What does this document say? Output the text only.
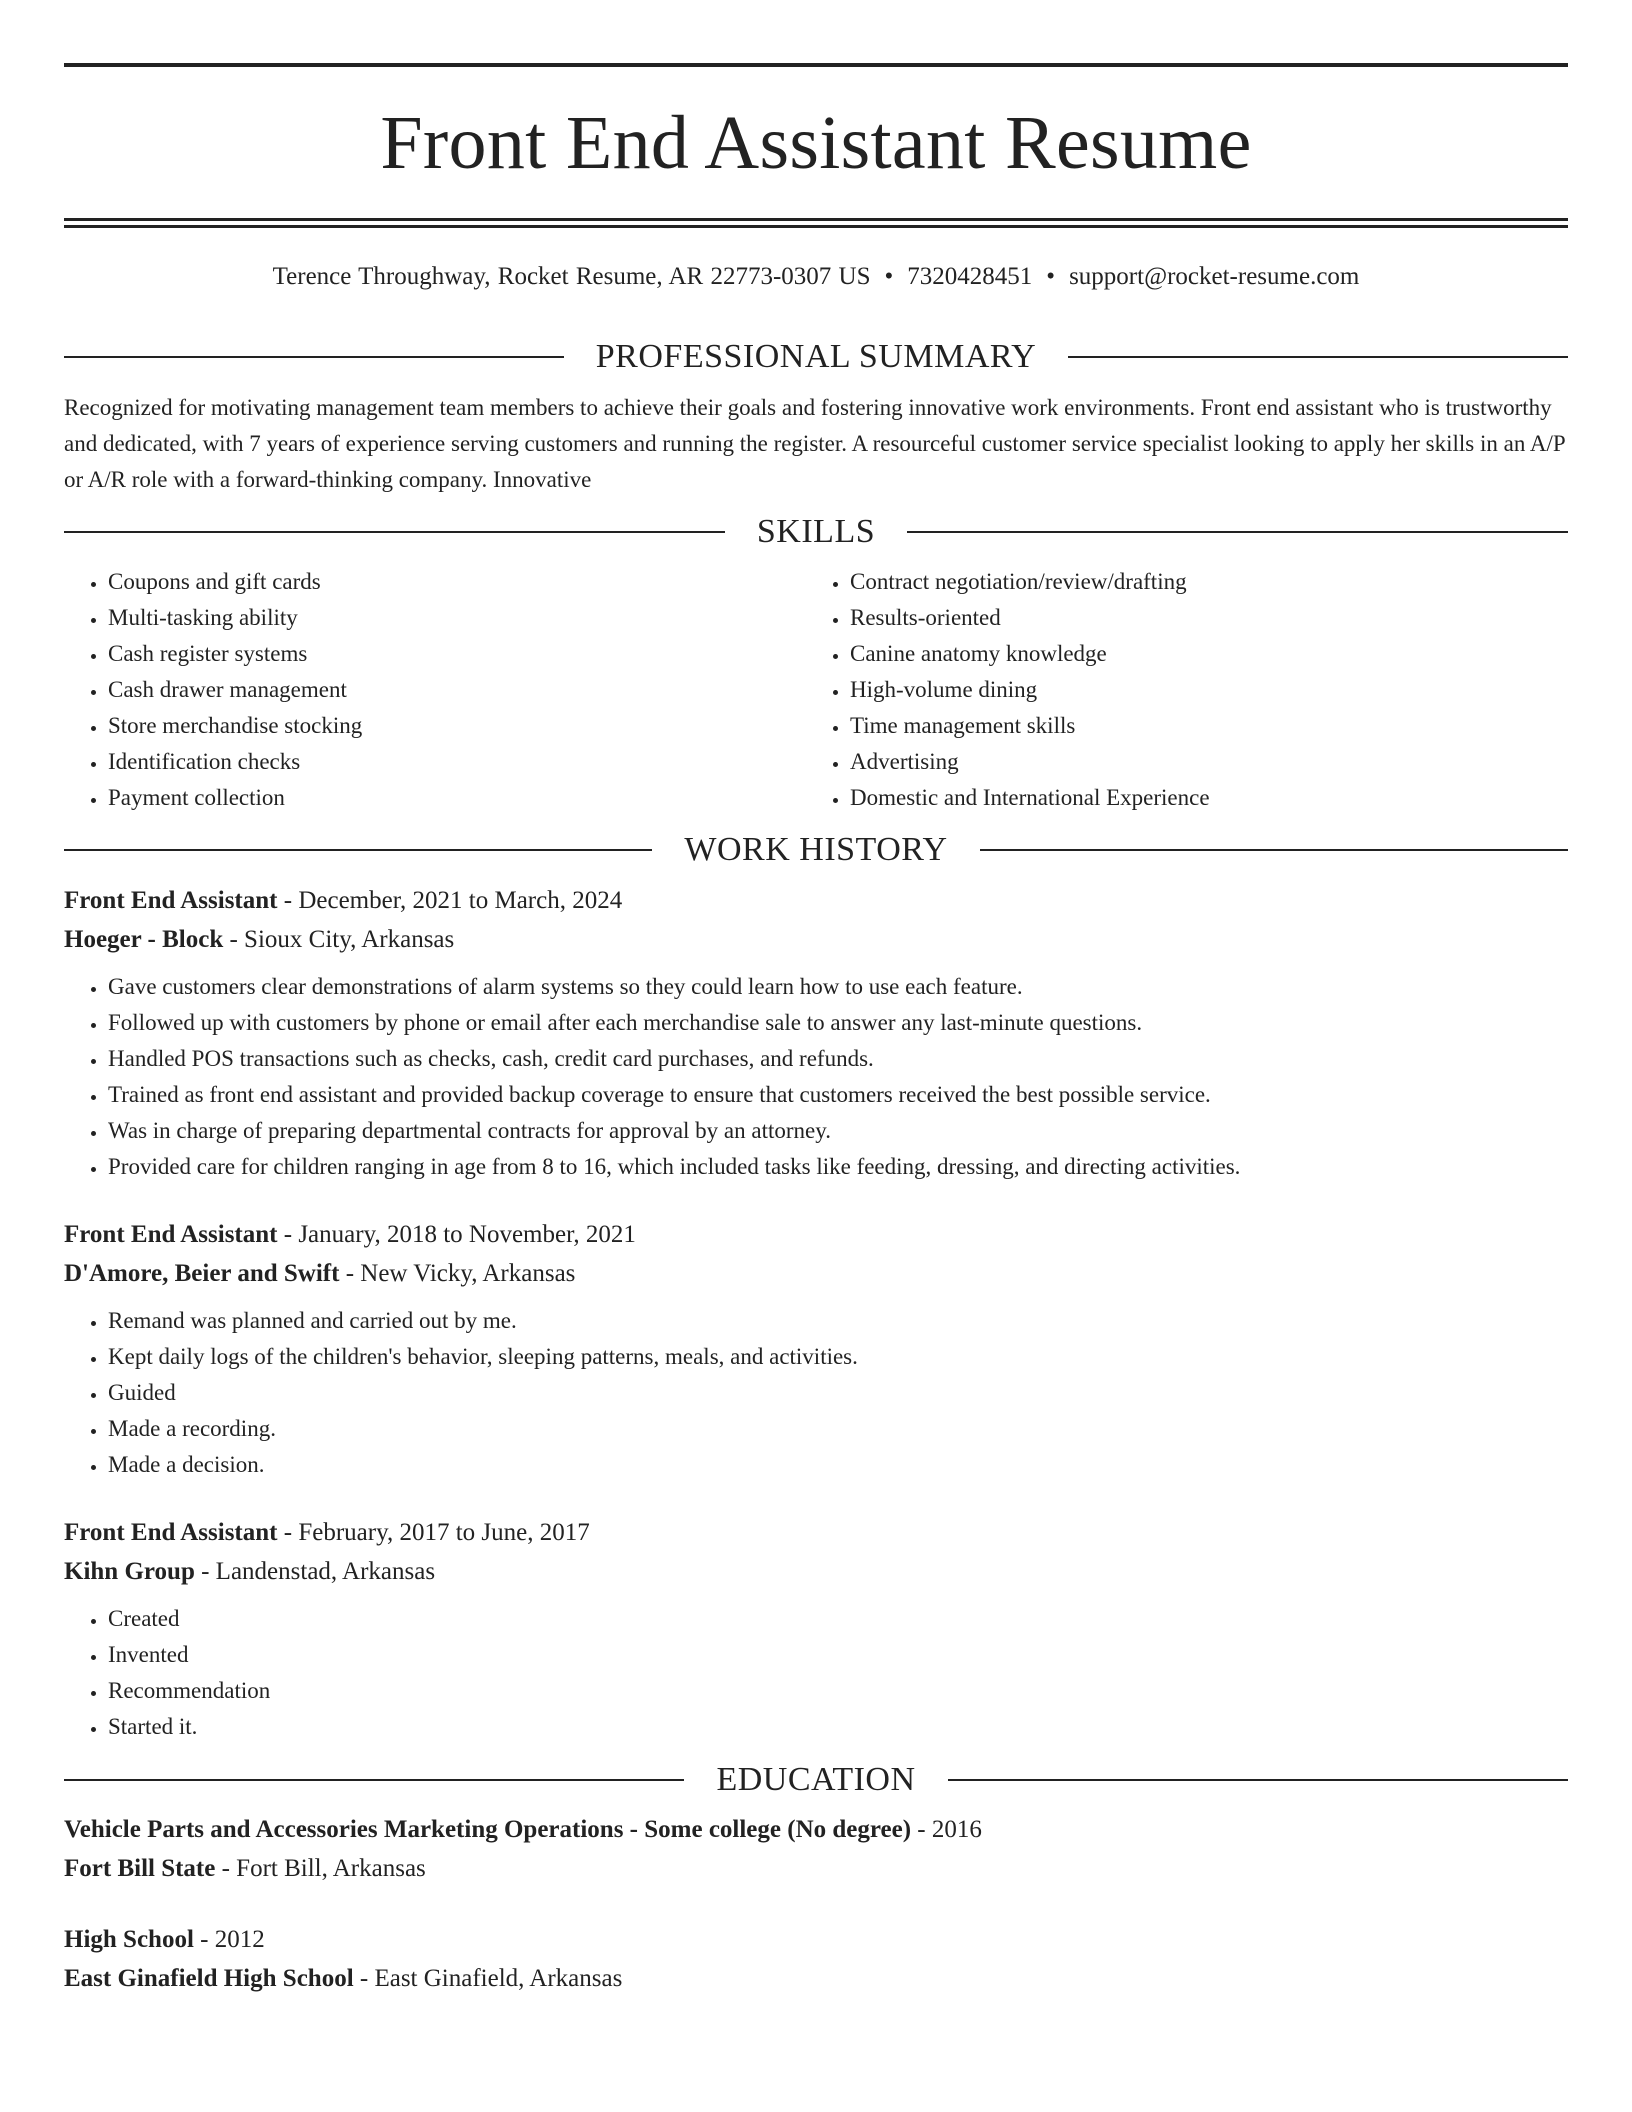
Front End Assistant Resume
Terence Throughway, Rocket Resume, AR 22773-0307 US • 7320428451 • support@rocket-resume.com
PROFESSIONAL SUMMARY

Recognized for motivating management team members to achieve their goals and fostering innovative work environments. Front end assistant who is trustworthy and dedicated, with 7 years of experience serving customers and running the register. A resourceful customer service specialist looking to apply her skills in an A/P or A/R role with a forward-thinking company. Innovative

SKILLS
• Coupons and gift cards
• Multi-tasking ability
• Cash register systems
• Cash drawer management
• Store merchandise stocking
• Identification checks
• Payment collection
• Contract negotiation/review/drafting
• Results-oriented
• Canine anatomy knowledge
• High-volume dining
• Time management skills
• Advertising
• Domestic and International Experience
WORK HISTORY
Front End Assistant - December, 2021 to March, 2024
Hoeger - Block - Sioux City, Arkansas
• Gave customers clear demonstrations of alarm systems so they could learn how to use each feature.
• Followed up with customers by phone or email after each merchandise sale to answer any last-minute questions.
• Handled POS transactions such as checks, cash, credit card purchases, and refunds.
• Trained as front end assistant and provided backup coverage to ensure that customers received the best possible service.
• Was in charge of preparing departmental contracts for approval by an attorney.
• Provided care for children ranging in age from 8 to 16, which included tasks like feeding, dressing, and directing activities.
Front End Assistant - January, 2018 to November, 2021
D'Amore, Beier and Swift - New Vicky, Arkansas
• Remand was planned and carried out by me.
• Kept daily logs of the children's behavior, sleeping patterns, meals, and activities.
• Guided
• Made a recording.
• Made a decision.
Front End Assistant - February, 2017 to June, 2017
Kihn Group - Landenstad, Arkansas
• Created
• Invented
• Recommendation
• Started it.
EDUCATION
Vehicle Parts and Accessories Marketing Operations - Some college (No degree) - 2016
Fort Bill State - Fort Bill, Arkansas
High School - 2012
East Ginafield High School - East Ginafield, Arkansas
